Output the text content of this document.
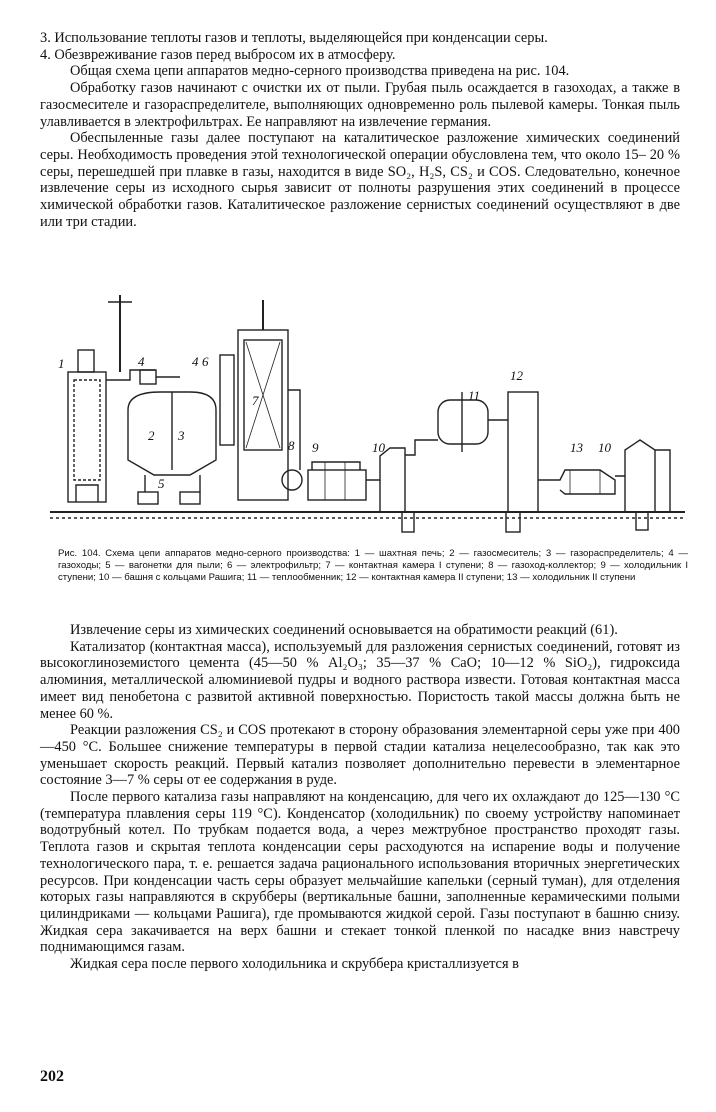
3. Использование теплоты газов и теплоты, выделяющейся при конденсации серы.

4. Обезвреживание газов перед выбросом их в атмосферу.

Общая схема цепи аппаратов медно-серного производства приведена на рис. 104.

Обработку газов начинают с очистки их от пыли. Грубая пыль осаждается в газоходах, а также в газосмесителе и газораспределителе, выполняющих одновременно роль пылевой камеры. Тонкая пыль улавливается в электрофильтрах. Ее направляют на извлечение германия.

Обеспыленные газы далее поступают на каталитическое разложение химических соединений серы. Необходимость проведения этой технологической операции обусловлена тем, что около 15– 20 % серы, перешедшей при плавке в газы, находится в виде SO₂, H₂S, CS₂ и COS. Следовательно, конечное извлечение серы из исходного сырья зависит от полноты разрушения этих соединений в процессе химической обработки газов. Каталитическое разложение сернистых соединений осуществляют в две или три стадии.

1	4	4 6
2 3
5
7
8 9	10
11
12
13 10
Рис. 104. Схема цепи аппаратов медно-серного производства: 1 — шахтная печь; 2 — газосмеситель; 3 — газораспределитель; 4 — газоходы; 5 — вагонетки для пыли; 6 — электрофильтр; 7 — контактная камера I ступени; 8 — газоход-коллектор; 9 — холодильник I ступени; 10 — башня с кольцами Рашига; 11 — теплообменник; 12 — контактная камера II ступени; 13 — холодильник II ступени

Извлечение серы из химических соединений основывается на обратимости реакций (61).

Катализатор (контактная масса), используемый для разложения сернистых соединений, готовят из высокоглиноземистого цемента (45—50 % Al₂O₃; 35—37 % CaO; 10—12 % SiO₂), гидроксида алюминия, металлической алюминиевой пудры и водного раствора извести. Готовая контактная масса имеет вид пенобетона с развитой активной поверхностью. Пористость такой массы должна быть не менее 60 %.

Реакции разложения CS₂ и COS протекают в сторону образования элементарной серы уже при 400—450 °C. Большее снижение температуры в первой стадии катализа нецелесообразно, так как это уменьшает скорость реакций. Первый катализ позволяет дополнительно перевести в элементарное состояние 3—7 % серы от ее содержания в руде.

После первого катализа газы направляют на конденсацию, для чего их охлаждают до 125—130 °C (температура плавления серы 119 °C). Конденсатор (холодильник) по своему устройству напоминает водотрубный котел. По трубкам подается вода, а через межтрубное пространство проходят газы. Теплота газов и скрытая теплота конденсации серы расходуются на испарение воды и получение технологического пара, т. е. решается задача рационального использования вторичных энергетических ресурсов. При конденсации часть серы образует мельчайшие капельки (серный туман), для отделения которых газы направляются в скрубберы (вертикальные башни, заполненные керамическими полыми цилиндриками — кольцами Рашига), где промываются жидкой серой. Газы поступают в башню снизу. Жидкая сера закачивается на верх башни и стекает тонкой пленкой по насадке вниз навстречу поднимающимся газам.

Жидкая сера после первого холодильника и скруббера кристаллизуется в

202
